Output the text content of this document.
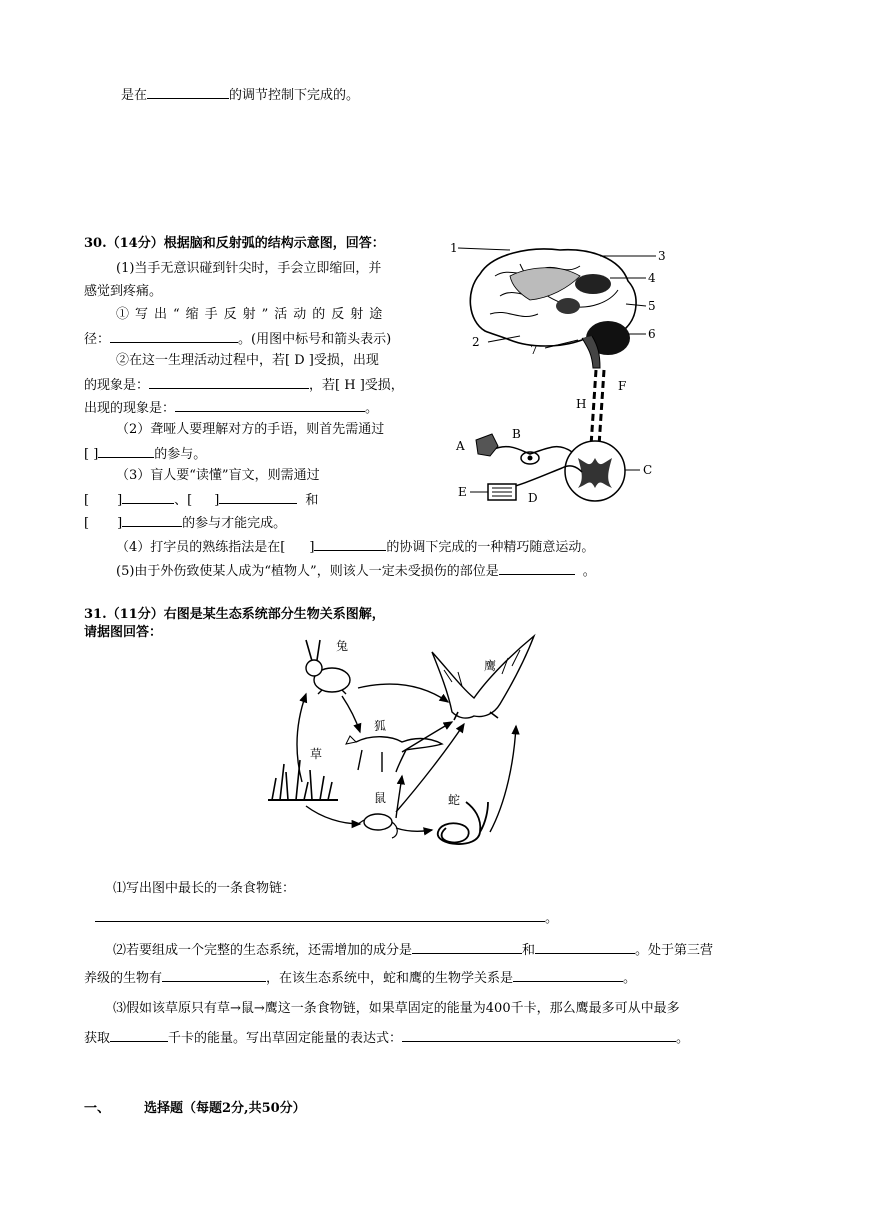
是在	的调节控制下完成的。
30.（14分）根据脑和反射弧的结构示意图，回答：
(1)当手无意识碰到针尖时，手会立即缩回，并
感觉到疼痛。
①写出“缩手反射”活动的反射途
径：	。(用图中标号和箭头表示)
②在这一生理活动过程中，若[ D ]受损，出现
的现象是：	，若[ H ]受损，
出现的现象是：	。
（2）聋哑人要理解对方的手语，则首先需通过
[ ]	的参与。
（3）盲人要“读懂”盲文，则需通过
[ ]	、[ ]	和
[ ]	的参与才能完成。
（4）打字员的熟练指法是在[ ]	的协调下完成的一种精巧随意运动。
(5)由于外伤致使某人成为“植物人”，则该人一定未受损伤的部位是	。
1
3
4
5
6
2
7
F
H
B
A
C
E	D
31.（11分）右图是某生态系统部分生物关系图解，
请据图回答：
兔
鹰
狐
草
鼠	蛇
⑴写出图中最长的一条食物链：
。
⑵若要组成一个完整的生态系统，还需增加的成分是	和	。处于第三营
养级的生物有	，在该生态系统中，蛇和鹰的生物学关系是	。
⑶假如该草原只有草→鼠→鹰这一条食物链，如果草固定的能量为400千卡，那么鹰最多可从中最多
获取	千卡的能量。写出草固定能量的表达式：	。
一、	选择题（每题2分,共50分）
